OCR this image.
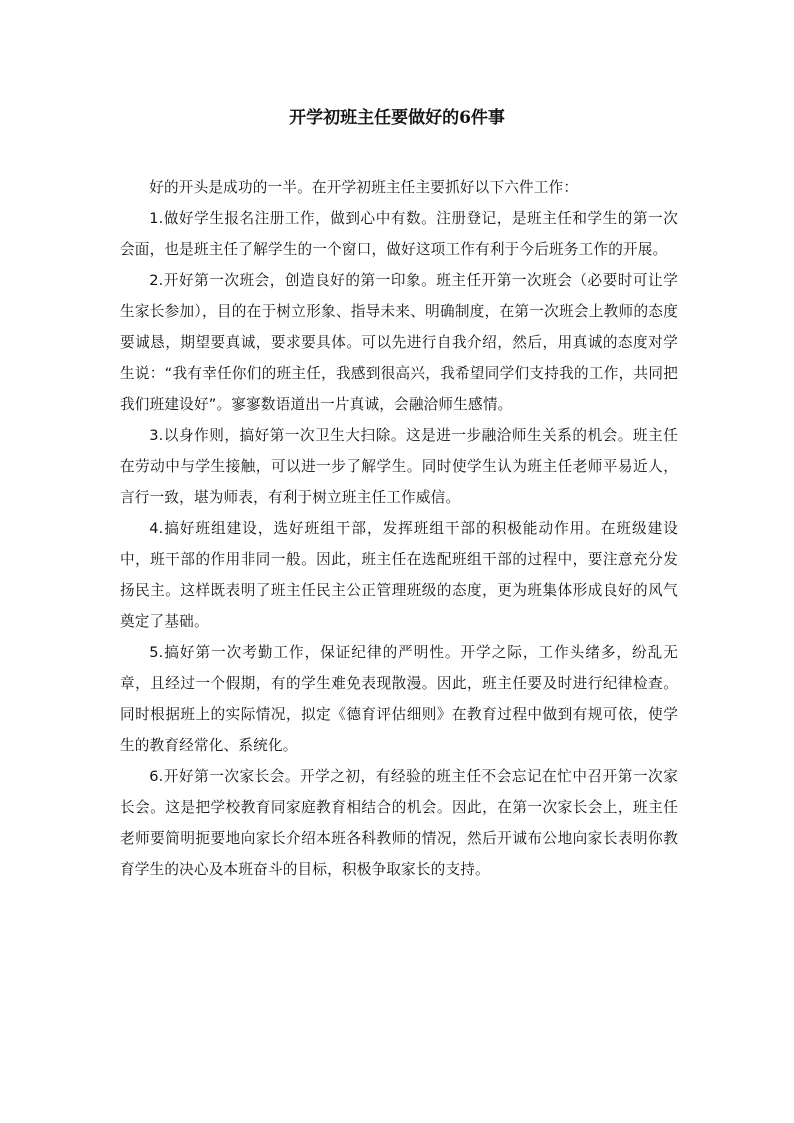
开学初班主任要做好的6件事

好的开头是成功的一半。在开学初班主任主要抓好以下六件工作：

1.做好学生报名注册工作，做到心中有数。注册登记，是班主任和学生的第一次会面，也是班主任了解学生的一个窗口，做好这项工作有利于今后班务工作的开展。

2.开好第一次班会，创造良好的第一印象。班主任开第一次班会（必要时可让学生家长参加），目的在于树立形象、指导未来、明确制度，在第一次班会上教师的态度要诚恳，期望要真诚，要求要具体。可以先进行自我介绍，然后，用真诚的态度对学生说：“我有幸任你们的班主任，我感到很高兴，我希望同学们支持我的工作，共同把我们班建设好”。寥寥数语道出一片真诚，会融洽师生感情。

3.以身作则，搞好第一次卫生大扫除。这是进一步融洽师生关系的机会。班主任在劳动中与学生接触，可以进一步了解学生。同时使学生认为班主任老师平易近人，言行一致，堪为师表，有利于树立班主任工作威信。

4.搞好班组建设，选好班组干部，发挥班组干部的积极能动作用。在班级建设中，班干部的作用非同一般。因此，班主任在选配班组干部的过程中，要注意充分发扬民主。这样既表明了班主任民主公正管理班级的态度，更为班集体形成良好的风气奠定了基础。

5.搞好第一次考勤工作，保证纪律的严明性。开学之际，工作头绪多，纷乱无章，且经过一个假期，有的学生难免表现散漫。因此，班主任要及时进行纪律检查。同时根据班上的实际情况，拟定《德育评估细则》在教育过程中做到有规可依，使学生的教育经常化、系统化。

6.开好第一次家长会。开学之初，有经验的班主任不会忘记在忙中召开第一次家长会。这是把学校教育同家庭教育相结合的机会。因此，在第一次家长会上，班主任老师要简明扼要地向家长介绍本班各科教师的情况，然后开诚布公地向家长表明你教育学生的决心及本班奋斗的目标，积极争取家长的支持。
